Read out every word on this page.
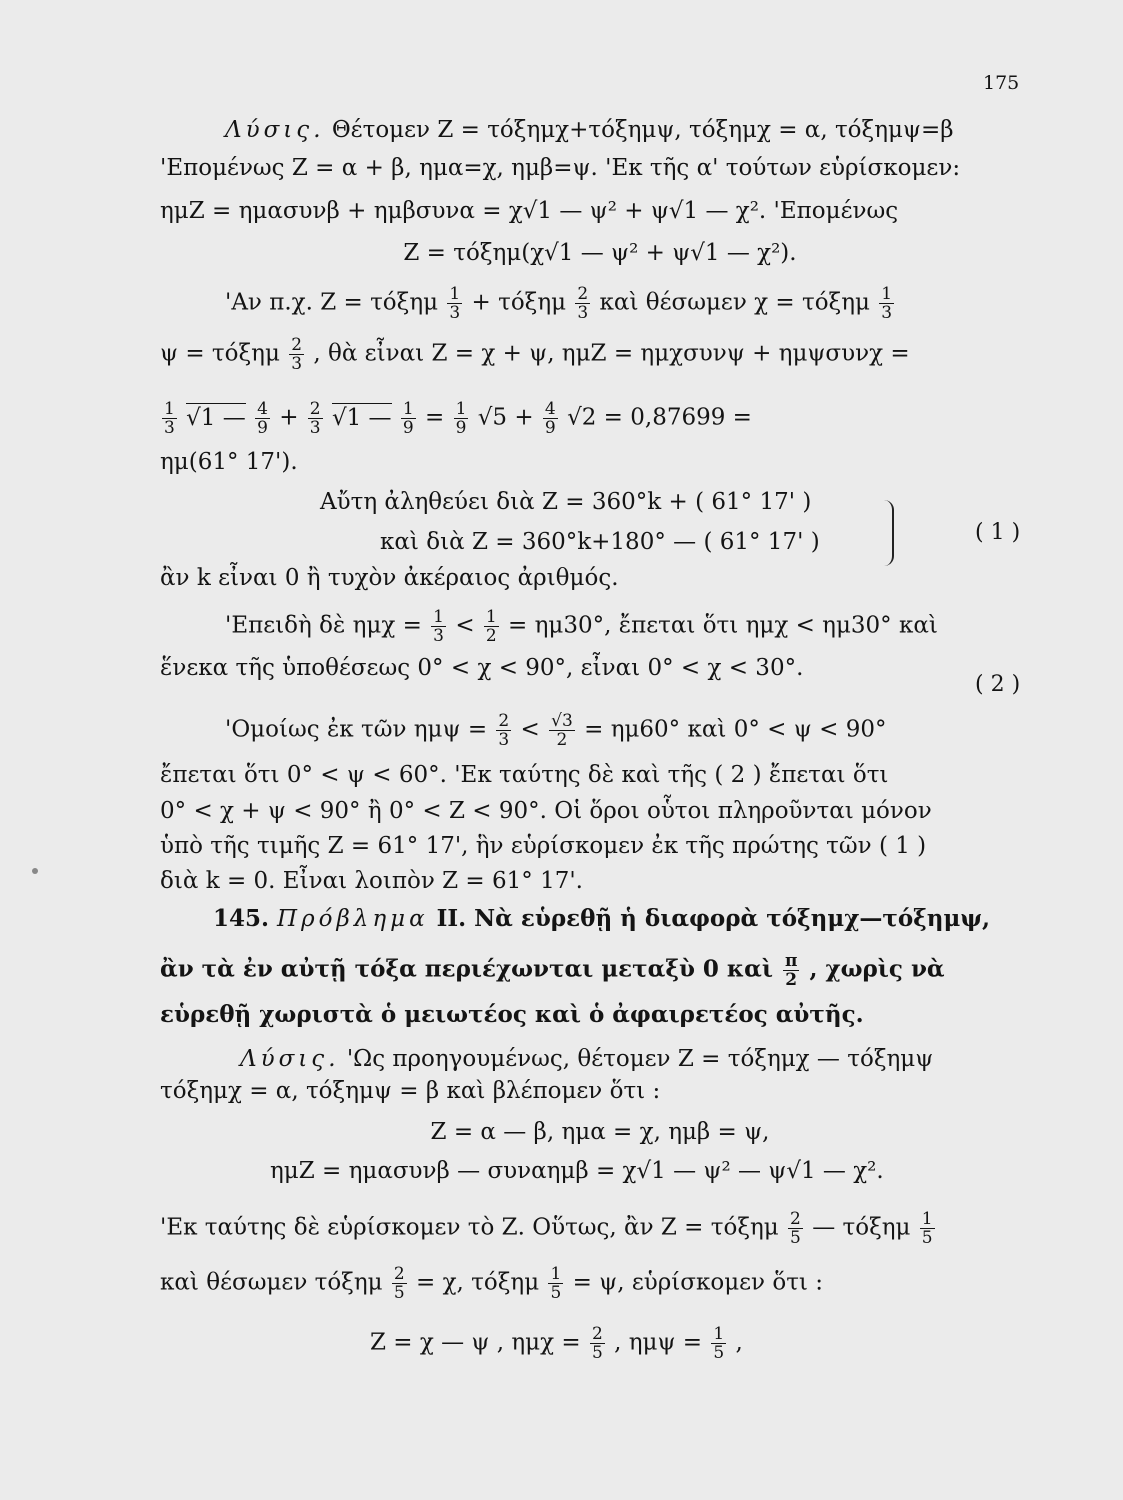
175
Λύσις. Θέτομεν Ζ = τόξημχ+τόξημψ, τόξημχ = α, τόξημψ=β
'Επομένως Ζ = α + β, ημα=χ, ημβ=ψ. 'Εκ τῆς α' τούτων εὑρίσκομεν:
ημΖ = ημασυνβ + ημβσυνα = χ√1 — ψ² + ψ√1 — χ². 'Επομένως
Ζ = τόξημ(χ√1 — ψ² + ψ√1 — χ²).
'Αν π.χ. Ζ = τόξημ $\frac{1}{3} + \tau ό\xi\eta\mu \frac{2}{3}$ καὶ θέσωμεν χ = τόξημ $\frac{1}{3}$
ψ = τόξημ $\frac{2}{3}$ , θὰ εἶναι Ζ = χ + ψ, ημΖ = ημχσυνψ + ημψσυνχ =
$\frac{1}{3} √1$ — $\frac{4}{9} + \frac{2}{3} √1$ — $\frac{1}{9} = \frac{1}{9} √5 + \frac{4}{9} √2 = 0,87699$ =
ημ(61° 17').
Αὔτη ἀληθεύει διὰ Ζ = 360°k + ( 61° 17' )
καὶ διὰ Ζ = 360°k+180° — ( 61° 17' )	( 1 )
ἂν k εἶναι 0 ἢ τυχὸν ἀκέραιος ἀριθμός.
'Επειδὴ δὲ $\eta\mu\chi = \frac{1}{3} < \frac{1}{2} = \eta\mu 30^\circ$, ἔπεται ὅτι ημχ < ημ30° καὶ
ἕνεκα τῆς ὑποθέσεως 0° < χ < 90°, εἶναι 0° < χ < 30°.
( 2 )
'Ομοίως ἐκ τῶν $\eta\mu\psi = \frac{2}{3} < \frac{√3}{2} = \eta\mu 60^\circ$ καὶ 0° < ψ < 90°
ἔπεται ὅτι 0° < ψ < 60°. 'Εκ ταύτης δὲ καὶ τῆς ( 2 ) ἔπεται ὅτι
0° < χ + ψ < 90° ἢ 0° < Ζ < 90°. Οἱ ὅροι οὗτοι πληροῦνται μόνον
ὑπὸ τῆς τιμῆς Ζ = 61° 17', ἣν εὑρίσκομεν ἐκ τῆς πρώτης τῶν ( 1 )
διὰ k = 0. Εἶναι λοιπὸν Ζ = 61° 17'.
145. Πρόβλημα ΙΙ. Νὰ εὑρεθῇ ἡ διαφορὰ τόξημχ—τόξημψ,
ἂν τὰ ἐν αὐτῇ τόξα περιέχωνται μεταξὺ 0 καὶ $\frac{\pi}{2}$ , χωρὶς νὰ
εὑρεθῇ χωριστὰ ὁ μειωτέος καὶ ὁ ἀφαιρετέος αὐτῆς.
Λύσις. 'Ως προηγουμένως, θέτομεν Ζ = τόξημχ — τόξημψ
τόξημχ = α, τόξημψ = β καὶ βλέπομεν ὅτι :
Ζ = α — β, ημα = χ, ημβ = ψ,
ημΖ = ημασυνβ — συναημβ = χ√1 — ψ² — ψ√1 — χ².
'Εκ ταύτης δὲ εὑρίσκομεν τὸ Ζ. Οὕτως, ἂν Ζ = τόξημ $\frac{2}{5}$ — τόξημ $\frac{1}{5}$
καὶ θέσωμεν τόξημ $\frac{2}{5} = \chi$, τόξημ $\frac{1}{5} = \psi$, εὑρίσκομεν ὅτι :
Ζ = χ — ψ , $\eta\mu\chi = \frac{2}{5}$ , $\eta\mu\psi = \frac{1}{5}$ ,
